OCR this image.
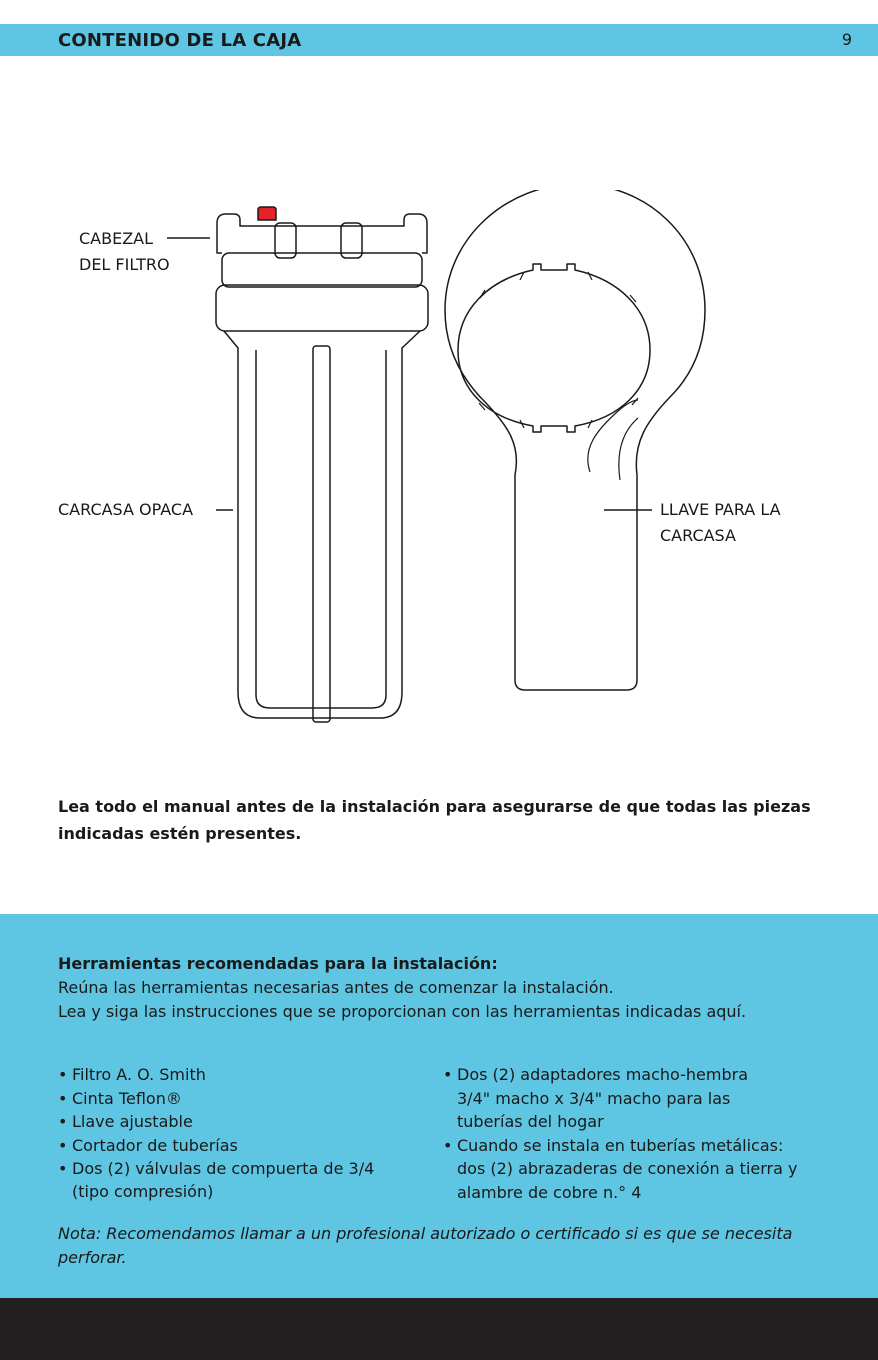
CONTENIDO DE LA CAJA	9
CABEZAL
DEL FILTRO
CARCASA OPACA	LLAVE PARA LA
CARCASA
Lea todo el manual antes de la instalación para asegurarse de que todas las piezas indicadas estén presentes.
Herramientas recomendadas para la instalación:
Reúna las herramientas necesarias antes de comenzar la instalación.
Lea y siga las instrucciones que se proporcionan con las herramientas indicadas aquí.
• Filtro A. O. Smith
• Cinta Teflon®
• Llave ajustable
• Cortador de tuberías
• Dos (2) válvulas de compuerta de 3/4
(tipo compresión)
• Dos (2) adaptadores macho-hembra
3/4" macho x 3/4" macho para las
tuberías del hogar
• Cuando se instala en tuberías metálicas:
dos (2) abrazaderas de conexión a tierra y
alambre de cobre n.° 4
Nota: Recomendamos llamar a un profesional autorizado o certificado si es que se necesita perforar.
